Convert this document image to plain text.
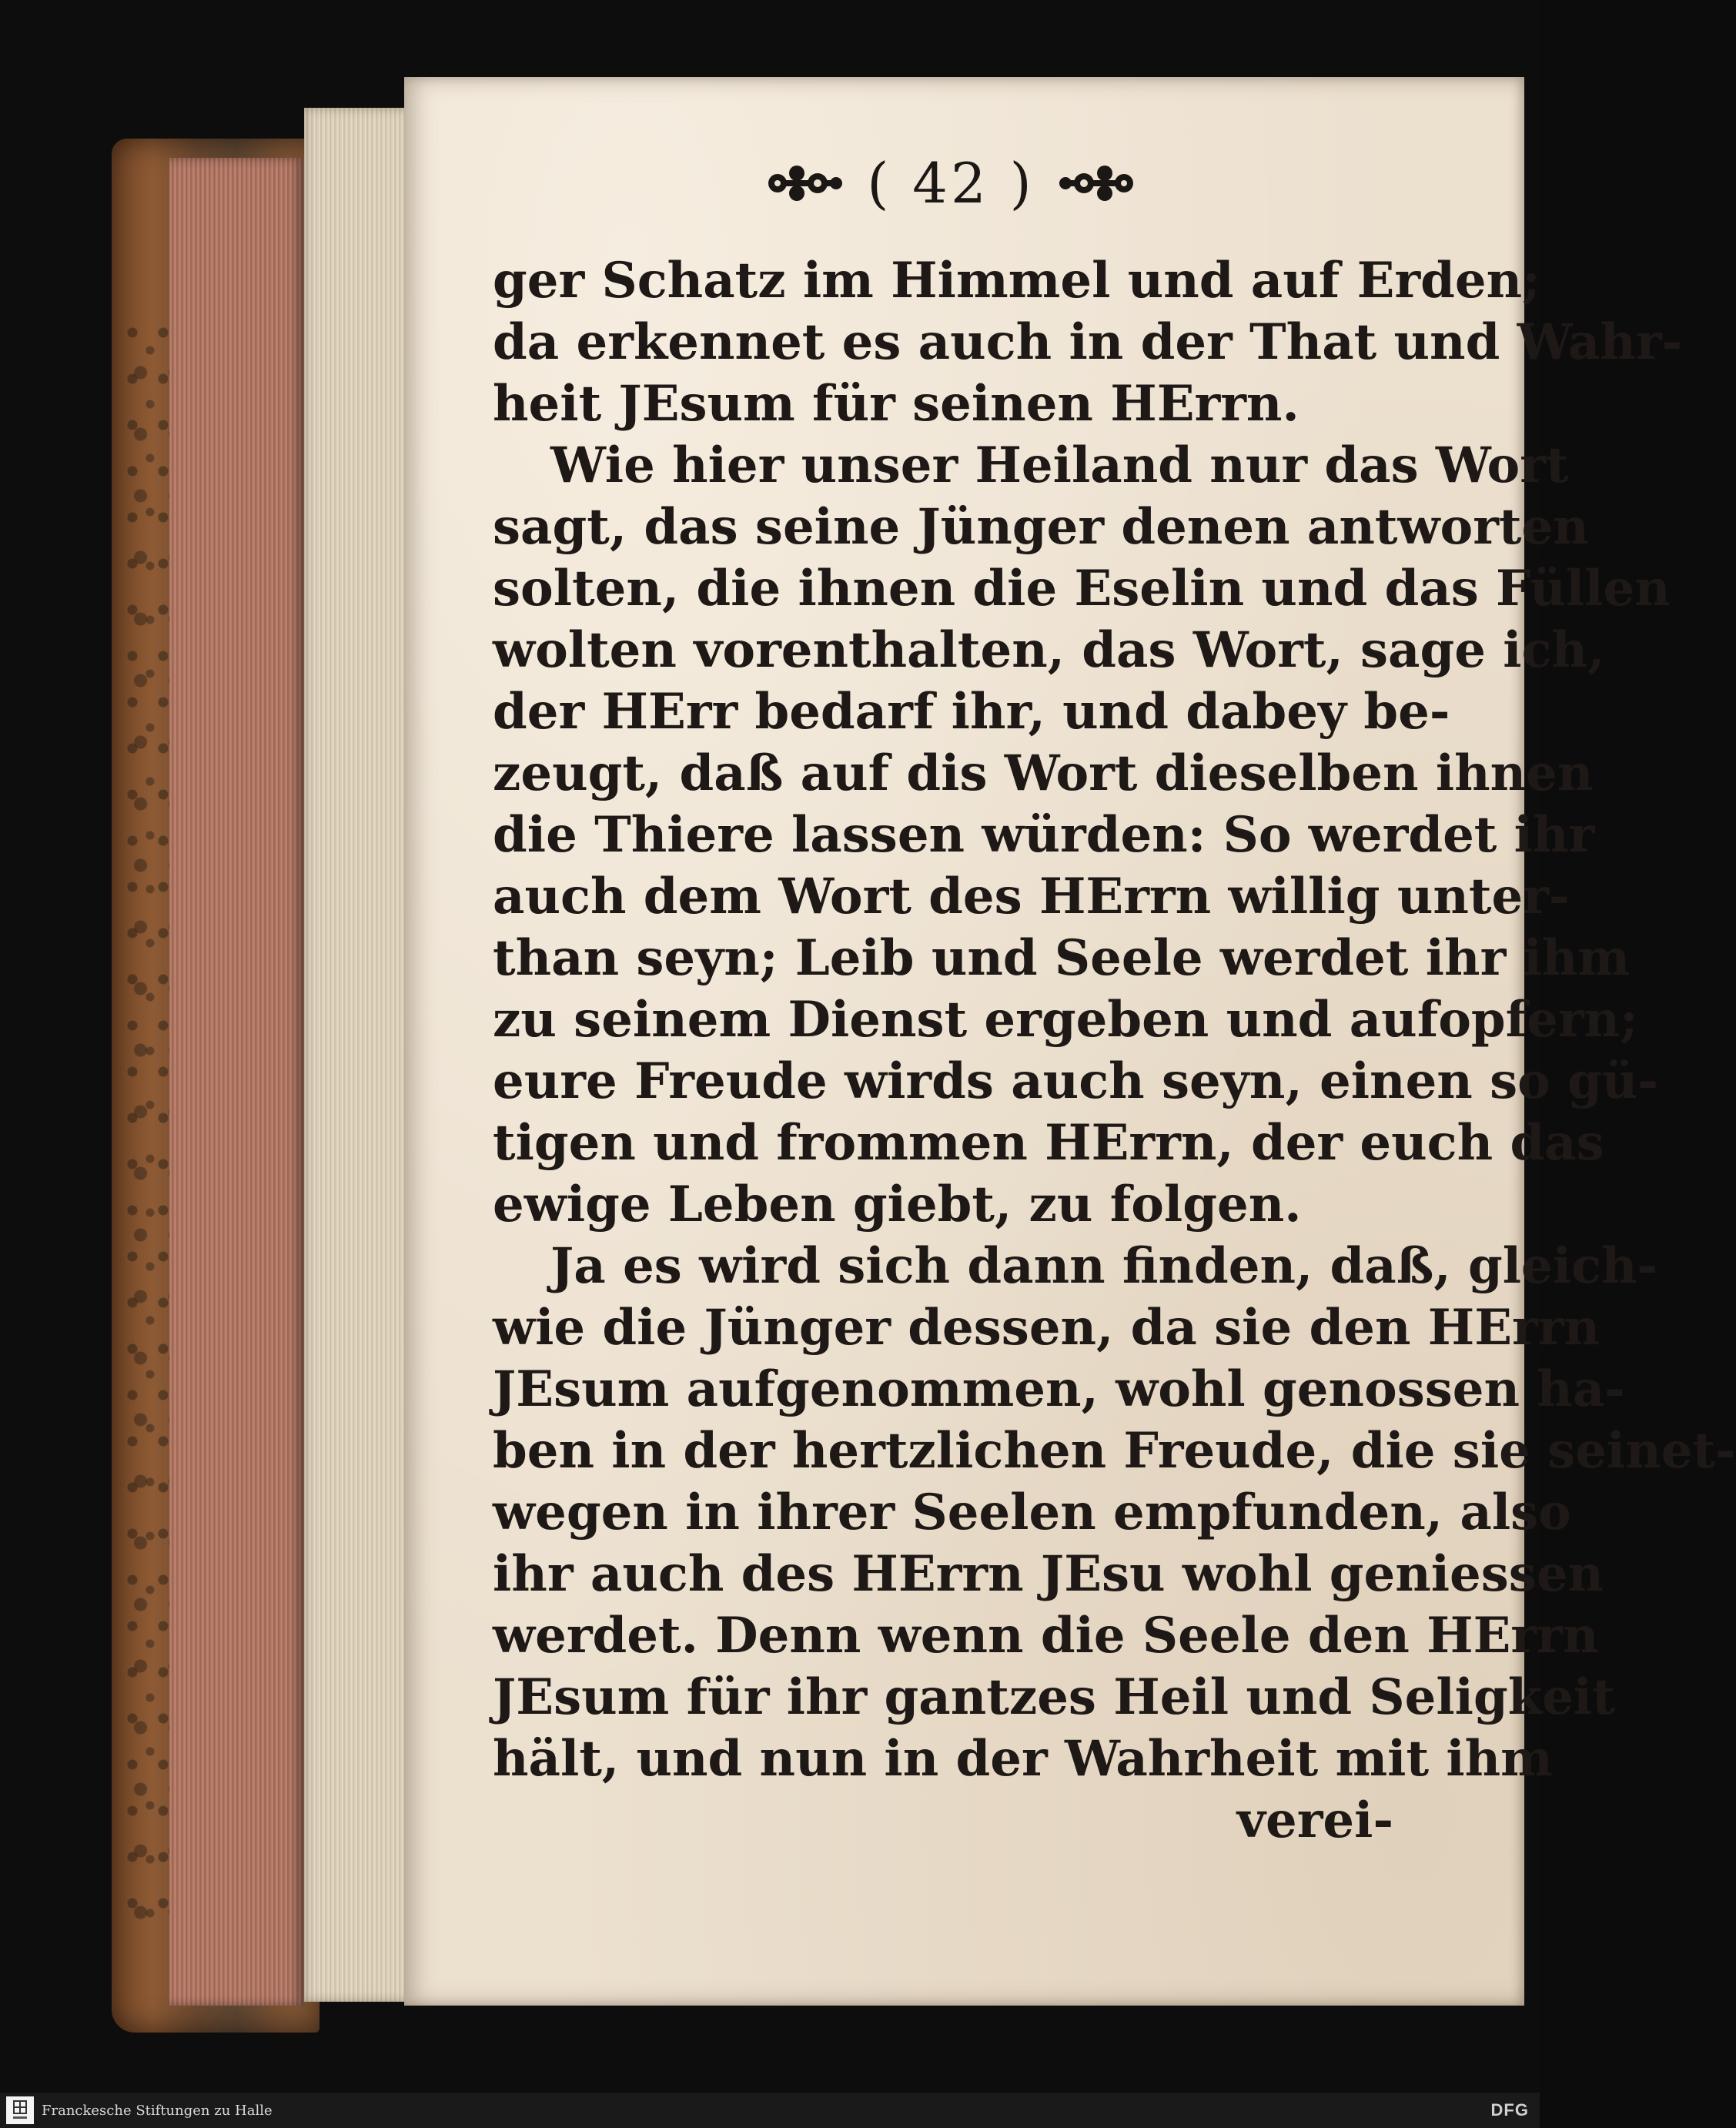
( 42 )
ger Schatz im Himmel und auf Erden;
da erkennet es auch in der That und Wahr-
heit JEsum für seinen HErrn.
Wie hier unser Heiland nur das Wort
sagt, das seine Jünger denen antworten
solten, die ihnen die Eselin und das Füllen
wolten vorenthalten, das Wort, sage ich,
der HErr bedarf ihr, und dabey be-
zeugt, daß auf dis Wort dieselben ihnen
die Thiere lassen würden: So werdet ihr
auch dem Wort des HErrn willig unter-
than seyn; Leib und Seele werdet ihr ihm
zu seinem Dienst ergeben und aufopfern;
eure Freude wirds auch seyn, einen so gü-
tigen und frommen HErrn, der euch das
ewige Leben giebt, zu folgen.
Ja es wird sich dann finden, daß, gleich-
wie die Jünger dessen, da sie den HErrn
JEsum aufgenommen, wohl genossen ha-
ben in der hertzlichen Freude, die sie seinet-
wegen in ihrer Seelen empfunden, also
ihr auch des HErrn JEsu wohl geniessen
werdet. Denn wenn die Seele den HErrn
JEsum für ihr gantzes Heil und Seligkeit
hält, und nun in der Wahrheit mit ihm
verei-
Franckesche Stiftungen zu Halle	DFG
